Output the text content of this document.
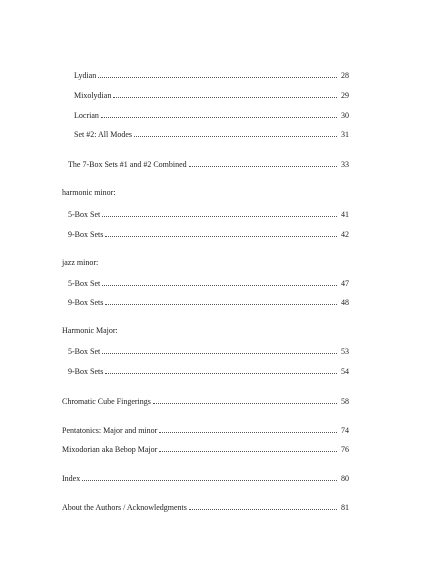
Lydian	28
Mixolydian	29
Locrian	30
Set #2: All Modes	31
The 7-Box Sets #1 and #2 Combined	33
harmonic minor:
5-Box Set	41
9-Box Sets	42
jazz minor:
5-Box Set	47
9-Box Sets	48
Harmonic Major:
5-Box Set	53
9-Box Sets	54
Chromatic Cube Fingerings	58
Pentatonics: Major and minor	74
Mixodorian aka Bebop Major	76
Index	80
About the Authors / Acknowledgments	81
